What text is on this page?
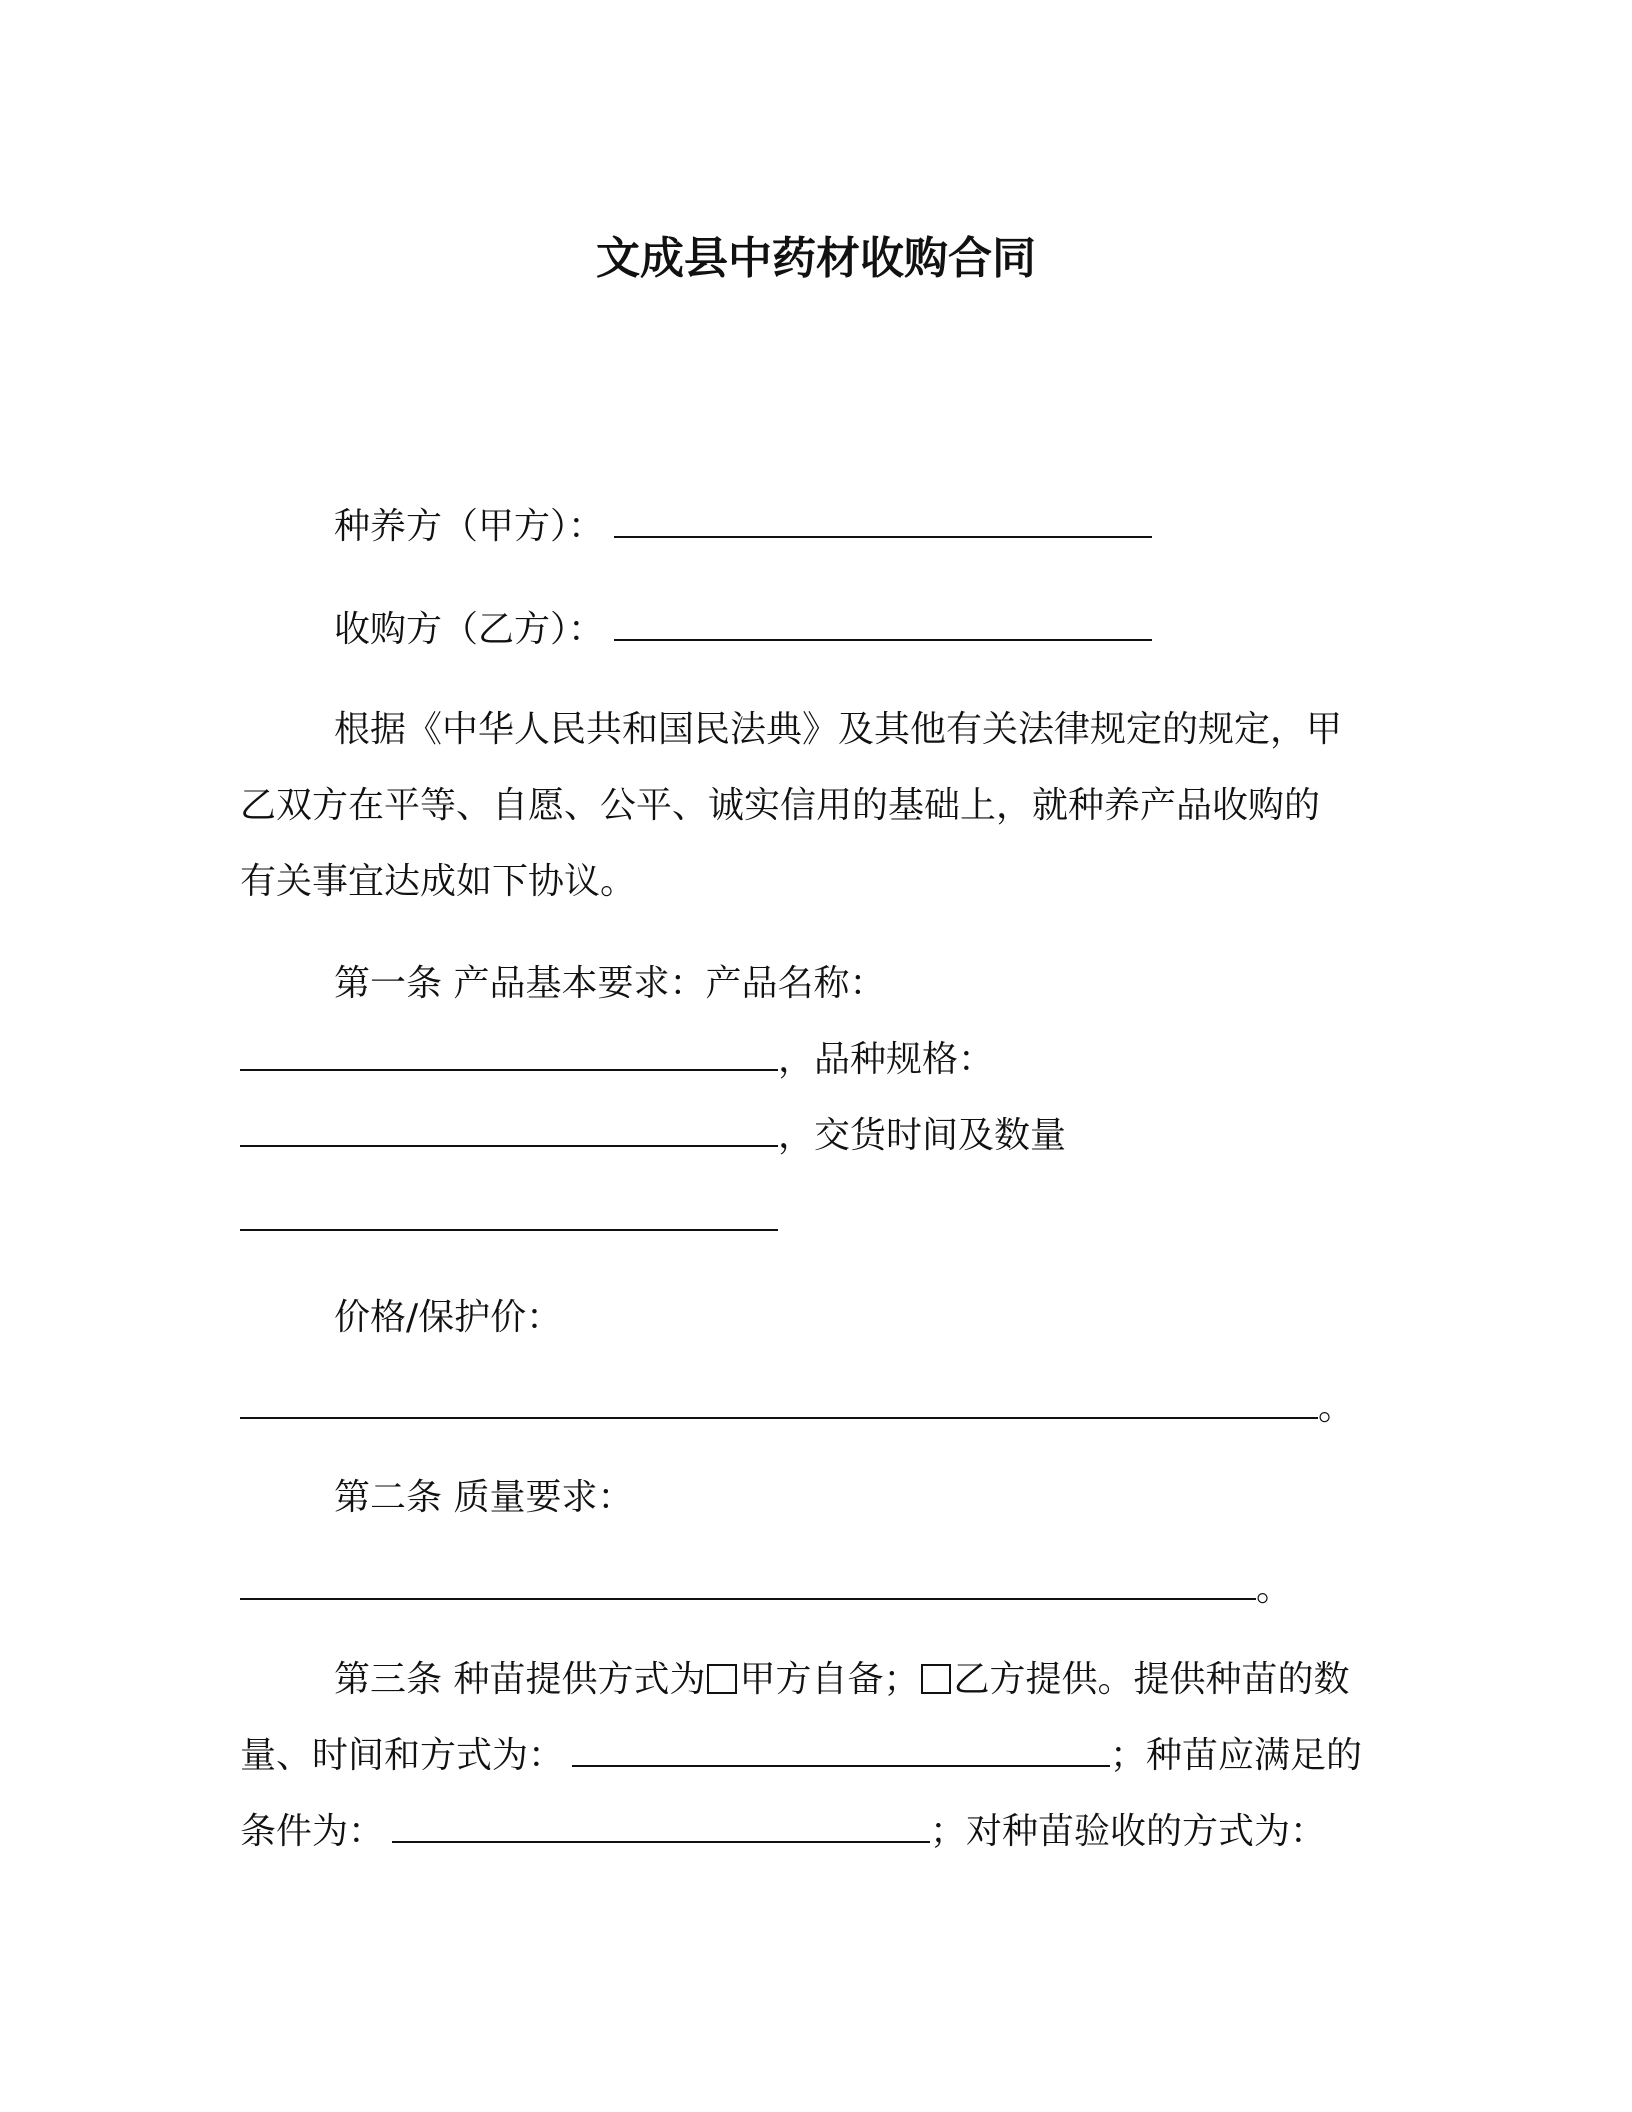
文成县中药材收购合同
种养方（甲方）：
收购方（乙方）：
根据《中华人民共和国民法典》及其他有关法律规定的规定，甲
乙双方在平等、自愿、公平、诚实信用的基础上，就种养产品收购的
有关事宜达成如下协议。
第一条 产品基本要求：产品名称：
，品种规格：
，交货时间及数量
价格/保护价：
。
第二条 质量要求：
。
第三条 种苗提供方式为 甲方自备； 乙方提供。提供种苗的数
量、时间和方式为：	；种苗应满足的
条件为：	；对种苗验收的方式为：
